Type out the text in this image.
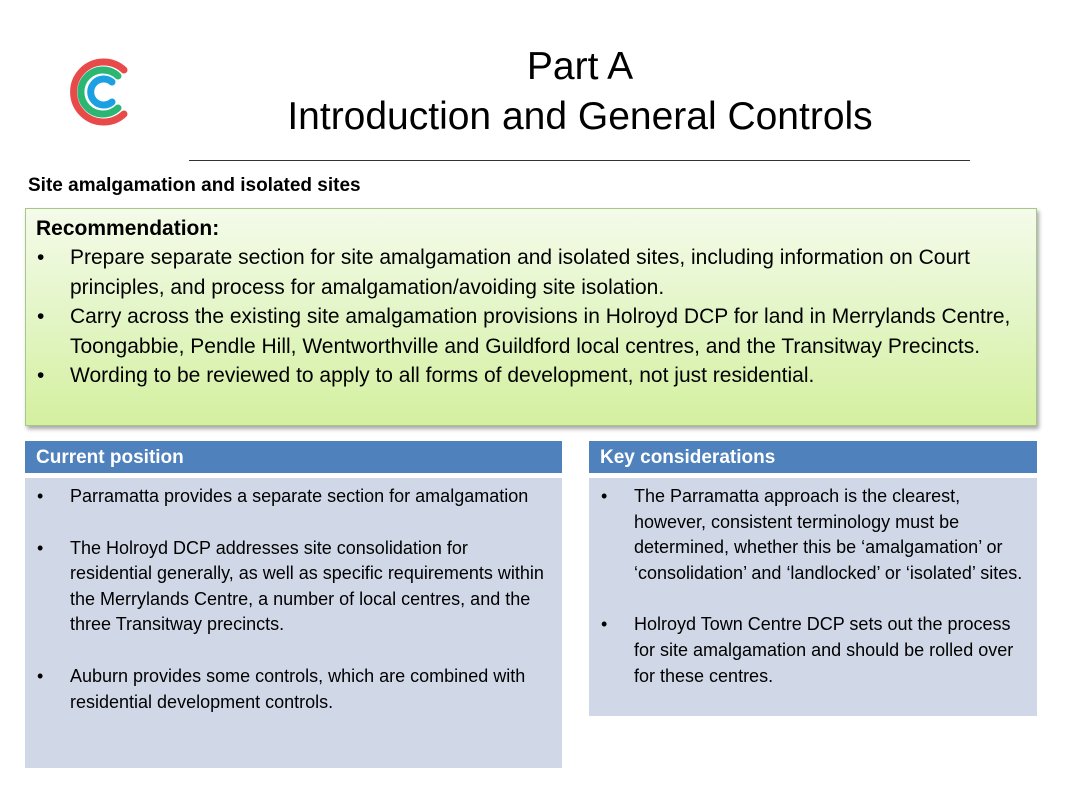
Part A
Introduction and General Controls
Site amalgamation and isolated sites
Recommendation:
• Prepare separate section for site amalgamation and isolated sites, including information on Court principles, and process for amalgamation/avoiding site isolation.
• Carry across the existing site amalgamation provisions in Holroyd DCP for land in Merrylands Centre, Toongabbie, Pendle Hill, Wentworthville and Guildford local centres, and the Transitway Precincts.
• Wording to be reviewed to apply to all forms of development, not just residential.
Current position
• Parramatta provides a separate section for amalgamation
• The Holroyd DCP addresses site consolidation for residential generally, as well as specific requirements within the Merrylands Centre, a number of local centres, and the three Transitway precincts.
• Auburn provides some controls, which are combined with residential development controls.
Key considerations
• The Parramatta approach is the clearest, however, consistent terminology must be determined, whether this be ‘amalgamation’ or ‘consolidation’ and ‘landlocked’ or ‘isolated’ sites.
• Holroyd Town Centre DCP sets out the process for site amalgamation and should be rolled over for these centres.
